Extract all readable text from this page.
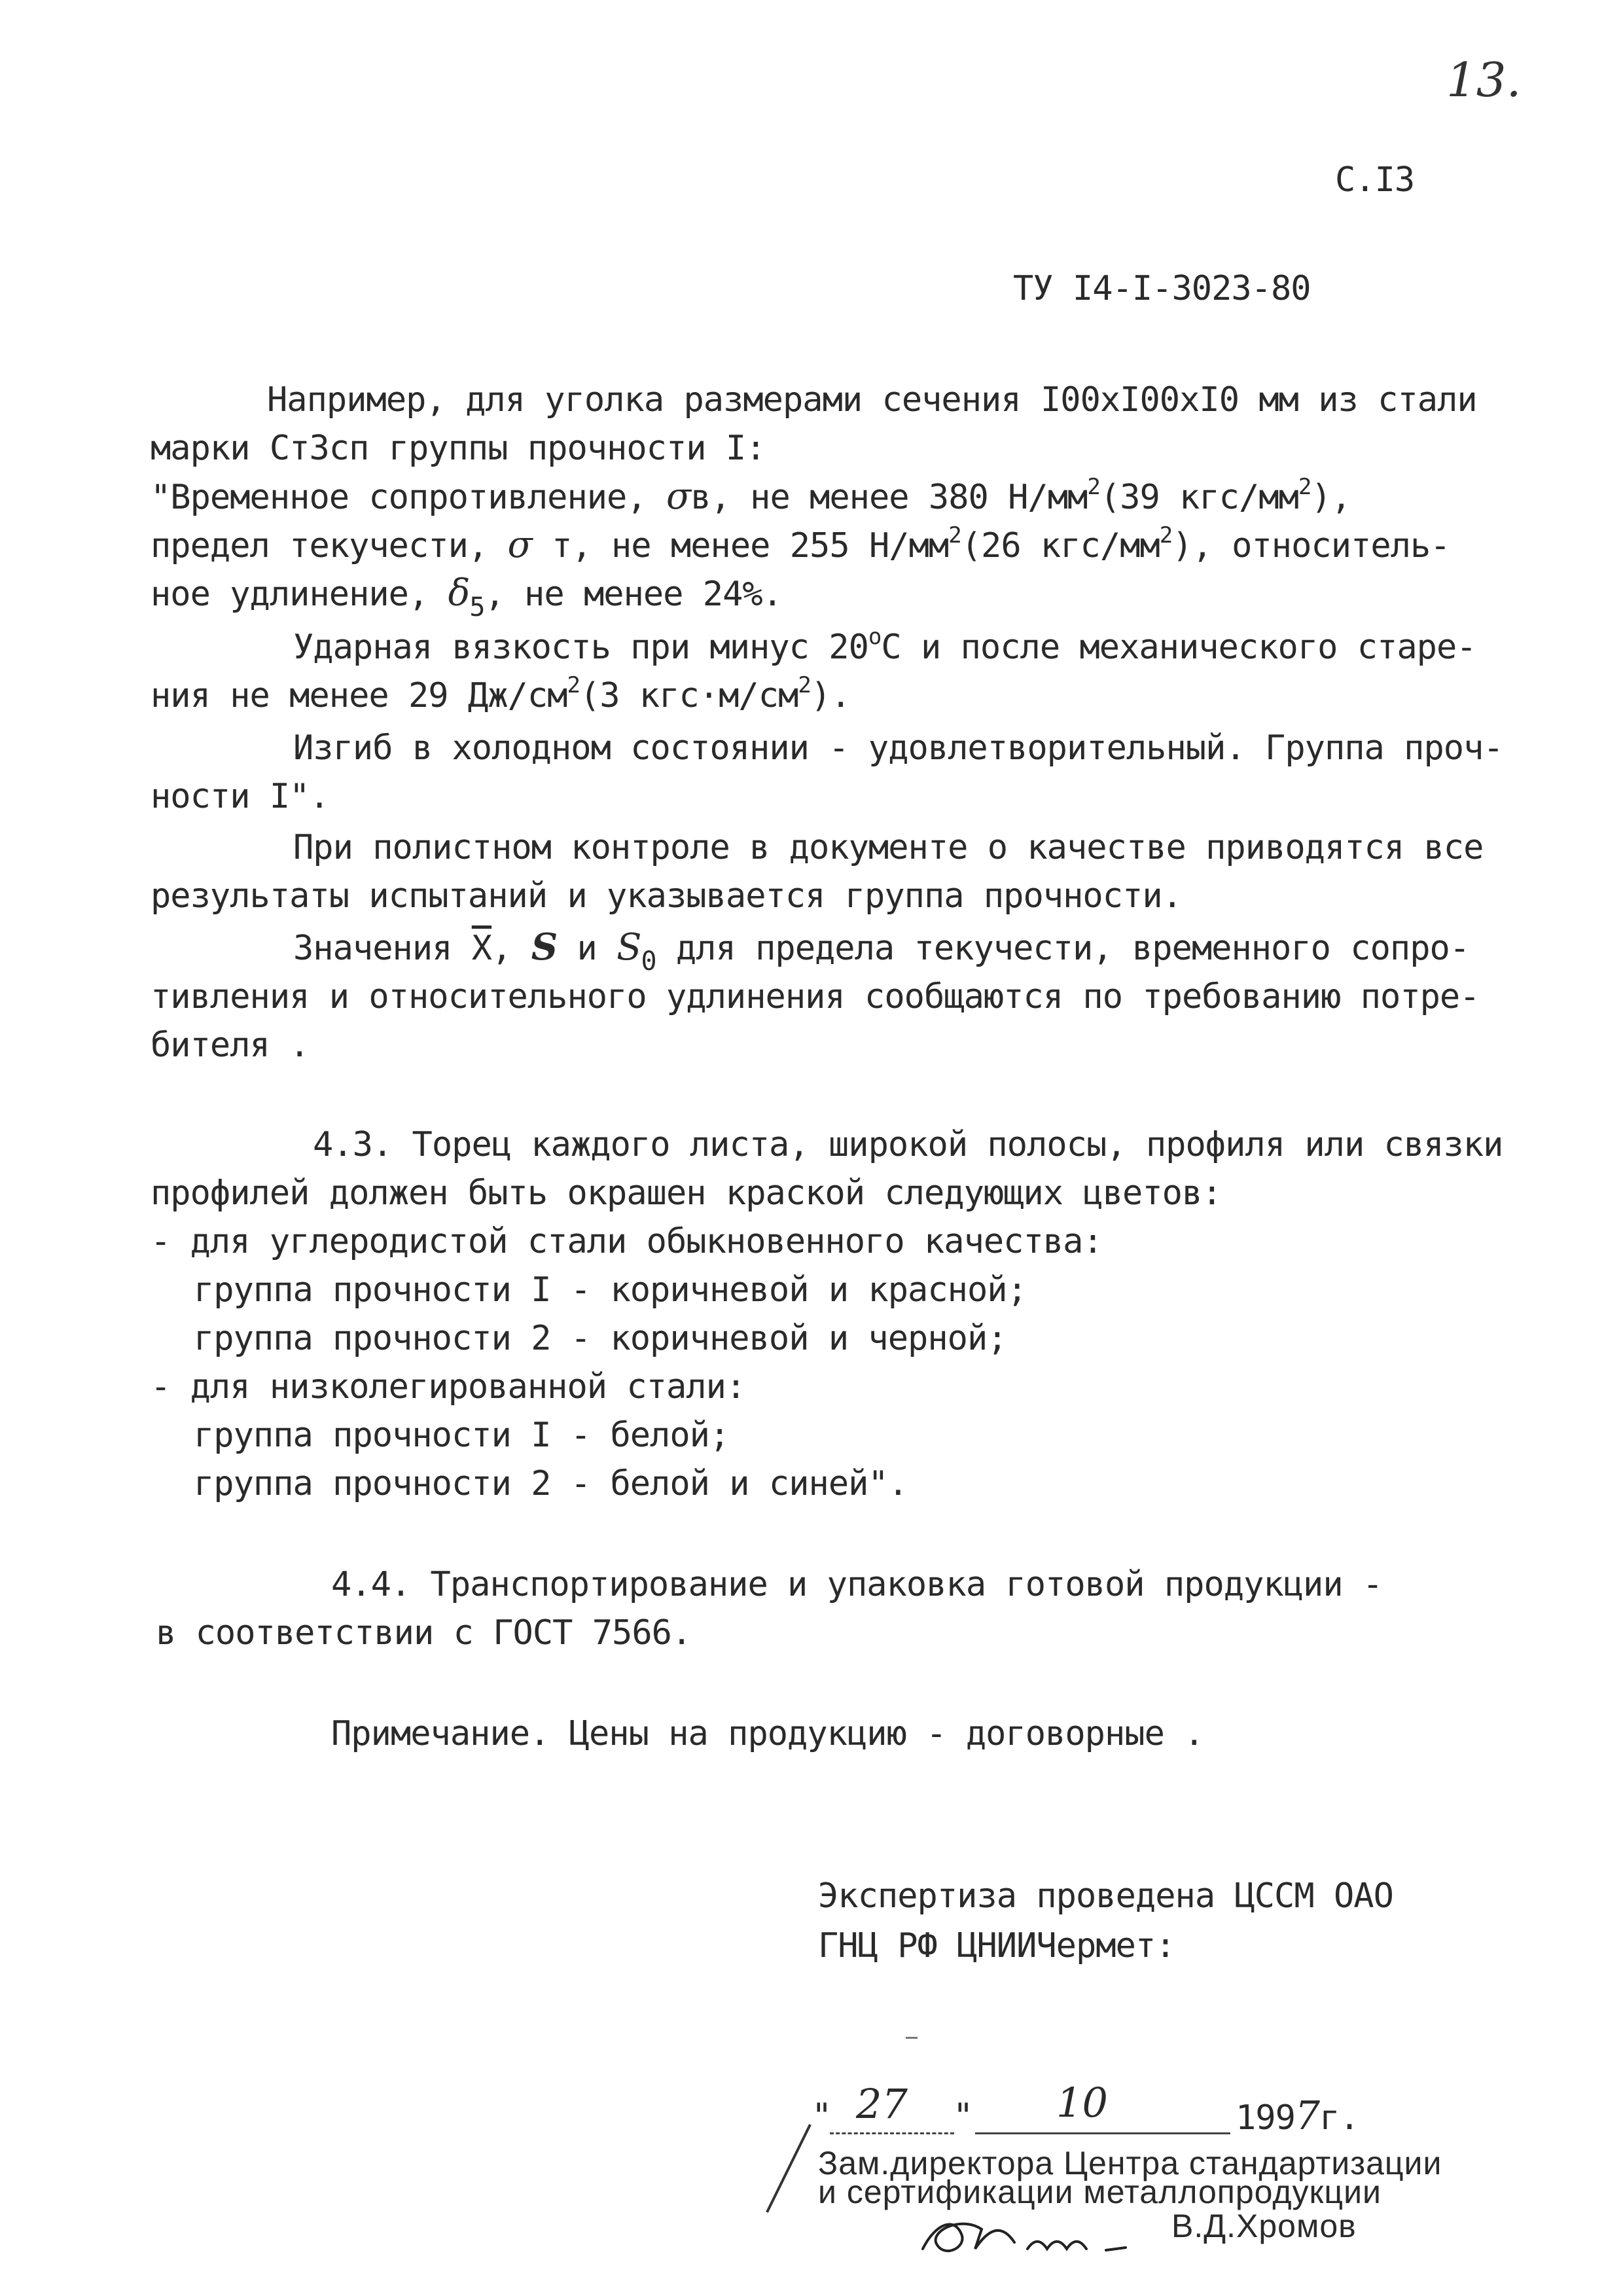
13.
С.I3
ТУ I4-I-3023-80
Например, для уголка размерами сечения I00xI00xI0 мм из стали
марки Ст3сп группы прочности I:
"Временное сопротивление, σв, не менее 380 $Н/мм^2(39$ кгс/$мм^2$),
предел текучести, σ т, не менее 255 $Н/мм^2(26$ кгс/$мм^2$), относитель-
ное удлинение, $\delta_5$, не менее 24%.
Ударная вязкость при минус $20^оС$ и после механического старе-
ния не менее 29 $Дж/см^2(3$ $кгс\cdot м/см^2$).
Изгиб в холодном состоянии - удовлетворительный. Группа проч-
ности I".
При полистном контроле в документе о качестве приводятся все
результаты испытаний и указывается группа прочности.
Значения $\overline{X}$, S и $S_0$ для предела текучести, временного сопро-
тивления и относительного удлинения сообщаются по требованию потре-
бителя .
4.3. Торец каждого листа, широкой полосы, профиля или связки
профилей должен быть окрашен краской следующих цветов:
- для углеродистой стали обыкновенного качества:
группа прочности I - коричневой и красной;
группа прочности 2 - коричневой и черной;
- для низколегированной стали:
группа прочности I - белой;
группа прочности 2 - белой и синей".
4.4. Транспортирование и упаковка готовой продукции -
в соответствии с ГОСТ 7566.
Примечание. Цены на продукцию - договорные .
Экспертиза проведена ЦССМ ОАО
ГНЦ РФ ЦНИИЧермет:
" 27 " 10	1997г.
Зам.директора Центра стандартизации
и сертификации металлопродукции
В.Д.Хромов
